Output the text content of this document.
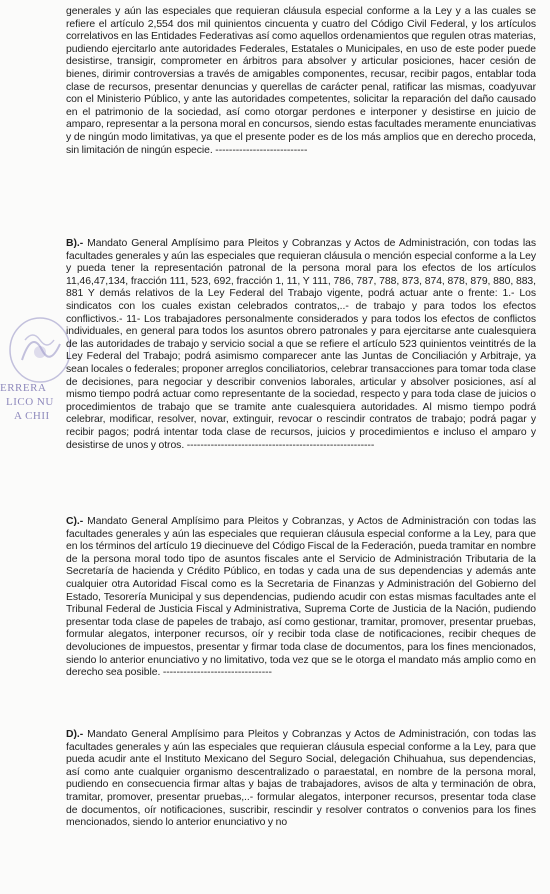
ERRERA
LICO NU
A CHII

generales y aún las especiales que requieran cláusula especial conforme a la Ley y a las cuales se refiere el artículo 2,554 dos mil quinientos cincuenta y cuatro del Código Civil Federal, y los artículos correlativos en las Entidades Federativas así como aquellos ordenamientos que regulen otras materias, pudiendo ejercitarlo ante autoridades Federales, Estatales o Municipales, en uso de este poder puede desistirse, transigir, comprometer en árbitros para absolver y articular posiciones, hacer cesión de bienes, dirimir controversias a través de amigables componentes, recusar, recibir pagos, entablar toda clase de recursos, presentar denuncias y querellas de carácter penal, ratificar las mismas, coadyuvar con el Ministerio Público, y ante las autoridades competentes, solicitar la reparación del daño causado en el patrimonio de la sociedad, así como otorgar perdones e interponer y desistirse en juicio de amparo, representar a la persona moral en concursos, siendo estas facultades meramente enunciativas y de ningún modo limitativas, ya que el presente poder es de los más amplios que en derecho proceda, sin limitación de ningún especie. ---------------------------

B).- Mandato General Amplísimo para Pleitos y Cobranzas y Actos de Administración, con todas las facultades generales y aún las especiales que requieran cláusula o mención especial conforme a la Ley y pueda tener la representación patronal de la persona moral para los efectos de los artículos 11,46,47,134, fracción 111, 523, 692, fracción 1, 11, Y 111, 786, 787, 788, 873, 874, 878, 879, 880, 883, 881 Y demás relativos de la Ley Federal del Trabajo vigente, podrá actuar ante o frente: 1.- Los sindicatos con los cuales existan celebrados contratos,..- de trabajo y para todos los efectos conflictivos.- 11- Los trabajadores personalmente considerados y para todos los efectos de conflictos individuales, en general para todos los asuntos obrero patronales y para ejercitarse ante cualesquiera de las autoridades de trabajo y servicio social a que se refiere el artículo 523 quinientos veintitrés de la Ley Federal del Trabajo; podrá asimismo comparecer ante las Juntas de Conciliación y Arbitraje, ya sean locales o federales; proponer arreglos conciliatorios, celebrar transacciones para tomar toda clase de decisiones, para negociar y describir convenios laborales, articular y absolver posiciones, así al mismo tiempo podrá actuar como representante de la sociedad, respecto y para toda clase de juicios o procedimientos de trabajo que se tramite ante cualesquiera autoridades. Al mismo tiempo podrá celebrar, modificar, resolver, novar, extinguir, revocar o rescindir contratos de trabajo; podrá pagar y recibir pagos; podrá intentar toda clase de recursos, juicios y procedimientos e incluso el amparo y desistirse de unos y otros. -------------------------------------------------------

C).- Mandato General Amplísimo para Pleitos y Cobranzas, y Actos de Administración con todas las facultades generales y aún las especiales que requieran cláusula especial conforme a la Ley, para que en los términos del artículo 19 diecinueve del Código Fiscal de la Federación, pueda tramitar en nombre de la persona moral todo tipo de asuntos fiscales ante el Servicio de Administración Tributaria de la Secretaría de hacienda y Crédito Público, en todas y cada una de sus dependencias y además ante cualquier otra Autoridad Fiscal como es la Secretaria de Finanzas y Administración del Gobierno del Estado, Tesorería Municipal y sus dependencias, pudiendo acudir con estas mismas facultades ante el Tribunal Federal de Justicia Fiscal y Administrativa, Suprema Corte de Justicia de la Nación, pudiendo presentar toda clase de papeles de trabajo, así como gestionar, tramitar, promover, presentar pruebas, formular alegatos, interponer recursos, oír y recibir toda clase de notificaciones, recibir cheques de devoluciones de impuestos, presentar y firmar toda clase de documentos, para los fines mencionados, siendo lo anterior enunciativo y no limitativo, toda vez que se le otorga el mandato más amplio como en derecho sea posible. --------------------------------

D).- Mandato General Amplísimo para Pleitos y Cobranzas y Actos de Administración, con todas las facultades generales y aún las especiales que requieran cláusula especial conforme a la Ley, para que pueda acudir ante el Instituto Mexicano del Seguro Social, delegación Chihuahua, sus dependencias, así como ante cualquier organismo descentralizado o paraestatal, en nombre de la persona moral, pudiendo en consecuencia firmar altas y bajas de trabajadores, avisos de alta y terminación de obra, tramitar, promover, presentar pruebas,..- formular alegatos, interponer recursos, presentar toda clase de documentos, oír notificaciones, suscribir, rescindir y resolver contratos o convenios para los fines mencionados, siendo lo anterior enunciativo y no
